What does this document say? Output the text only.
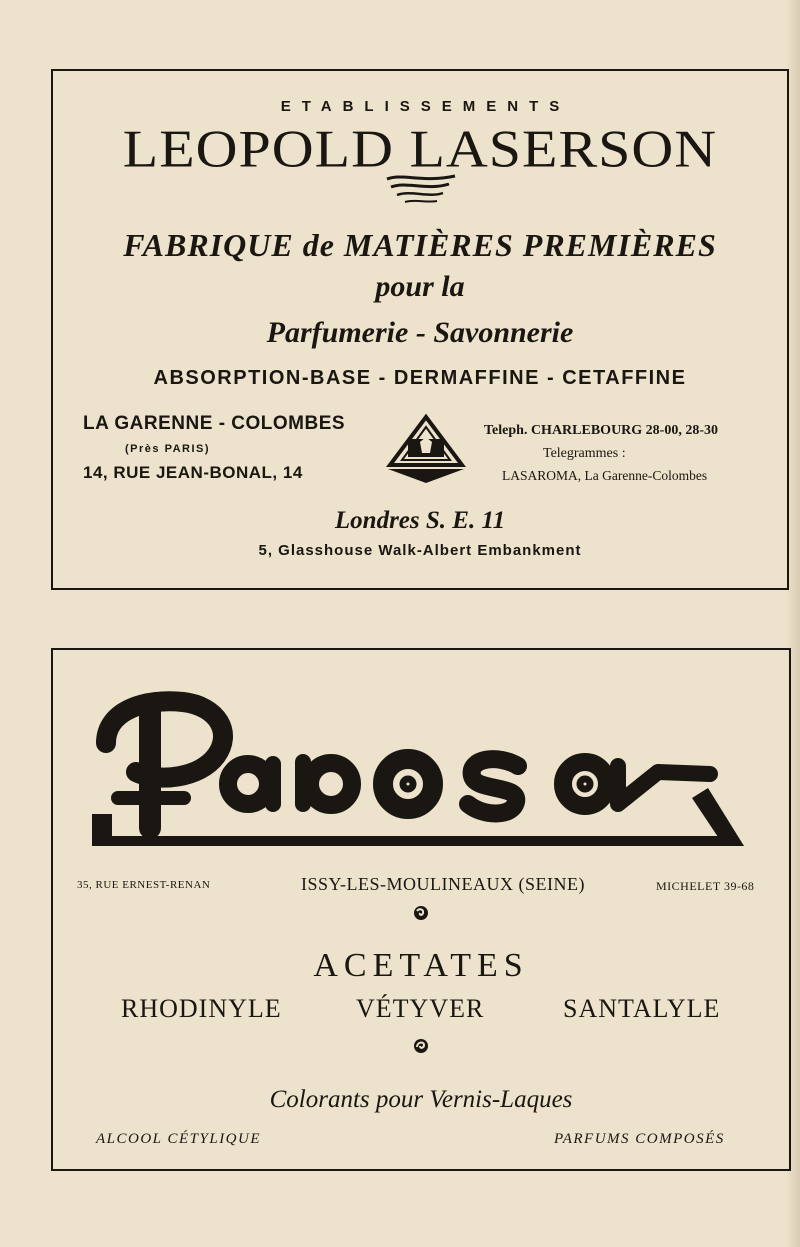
ETABLISSEMENTS
LEOPOLD LASERSON
FABRIQUE de MATIÈRES PREMIÈRES
pour la
Parfumerie - Savonnerie
ABSORPTION-BASE - DERMAFFINE - CETAFFINE
LA GARENNE - COLOMBES
(Près PARIS)
14, RUE JEAN-BONAL, 14
Teleph. CHARLEBOURG 28-00, 28-30
Telegrammes :
LASAROMA, La Garenne-Colombes
Londres S. E. 11
5, Glasshouse Walk-Albert Embankment
35, RUE ERNEST-RENAN	ISSY-LES-MOULINEAUX (SEINE)	MICHELET 39-68
ACETATES
RHODINYLE	VÉTYVER	SANTALYLE
Colorants pour Vernis-Laques
ALCOOL CÉTYLIQUE	PARFUMS COMPOSÉS
